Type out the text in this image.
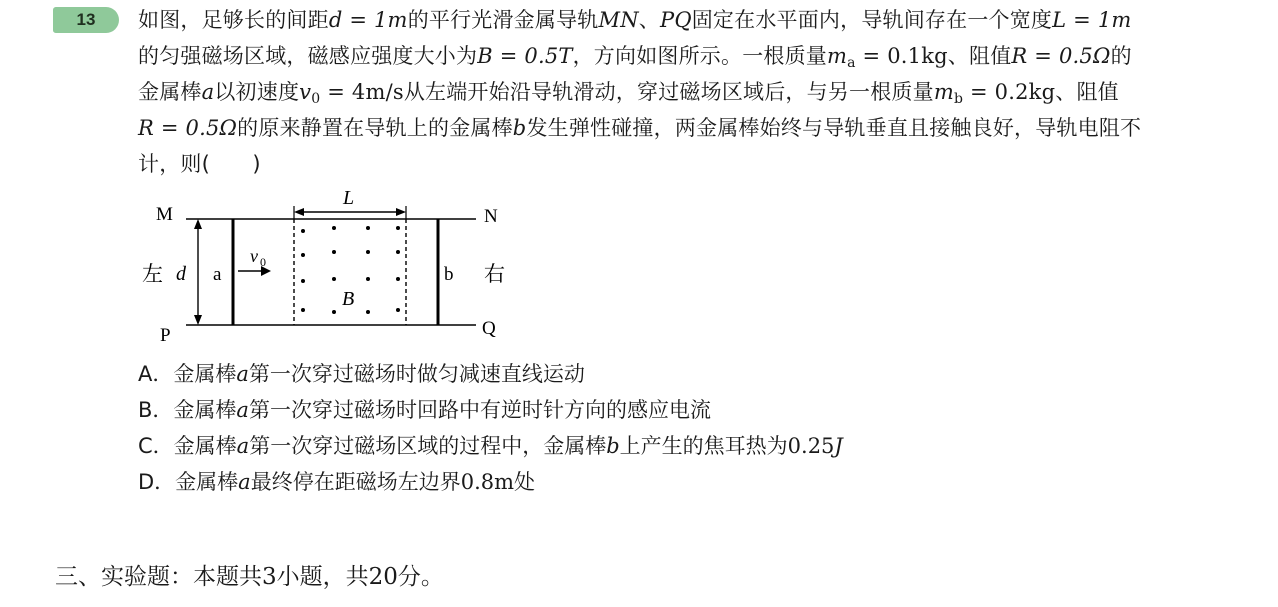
13	如图，足够长的间距d = 1m的平行光滑金属导轨MN、PQ固定在水平面内，导轨间存在一个宽度L = 1m

的匀强磁场区域，磁感应强度大小为B = 0.5T，方向如图所示。一根质量$m_a = 0.1kg$、阻值R = 0.5Ω的

金属棒a以初速度$v_0 = 4m/s$从左端开始沿导轨滑动，穿过磁场区域后，与另一根质量$m_b = 0.2kg$、阻值

R = 0.5Ω的原来静置在导轨上的金属棒b发生弹性碰撞，两金属棒始终与导轨垂直且接触良好，导轨电阻不

计，则(　　)

M	N
P	Q
左	右
d a
v 0
L
B
b
A．金属棒a第一次穿过磁场时做匀减速直线运动
B．金属棒a第一次穿过磁场时回路中有逆时针方向的感应电流
C．金属棒a第一次穿过磁场区域的过程中，金属棒b上产生的焦耳热为0.25J
D．金属棒a最终停在距磁场左边界0.8m处
三、实验题：本题共3小题，共20分。
